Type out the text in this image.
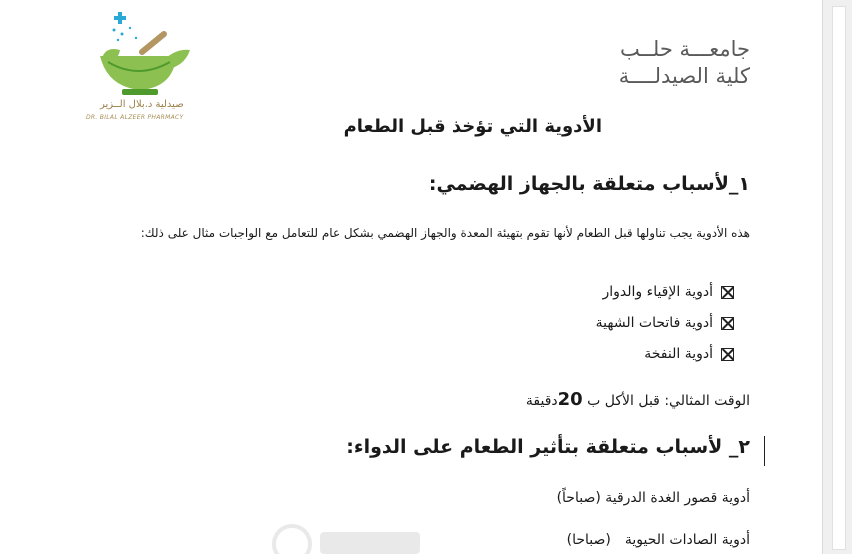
صيدلية د.بلال الــزير
DR. BILAL ALZEER PHARMACY
جامعـــة حلــب
كلية الصيدلــــة
الأدوية التي تؤخذ قبل الطعام
١_لأسباب متعلقة بالجهاز الهضمي:
هذه الأدوية يجب تناولها قبل الطعام لأنها تقوم بتهيئة المعدة والجهاز الهضمي بشكل عام للتعامل مع الواجبات مثال على ذلك:
أدوية الإقياء والدوار
أدوية فاتحات الشهية
أدوية النفخة
الوقت المثالي: قبل الأكل ب 20دقيقة
٢_ لأسباب متعلقة بتأثير الطعام على الدواء:
أدوية قصور الغدة الدرقية (صباحاً)
أدوية الصادات الحيوية(صباحا)
